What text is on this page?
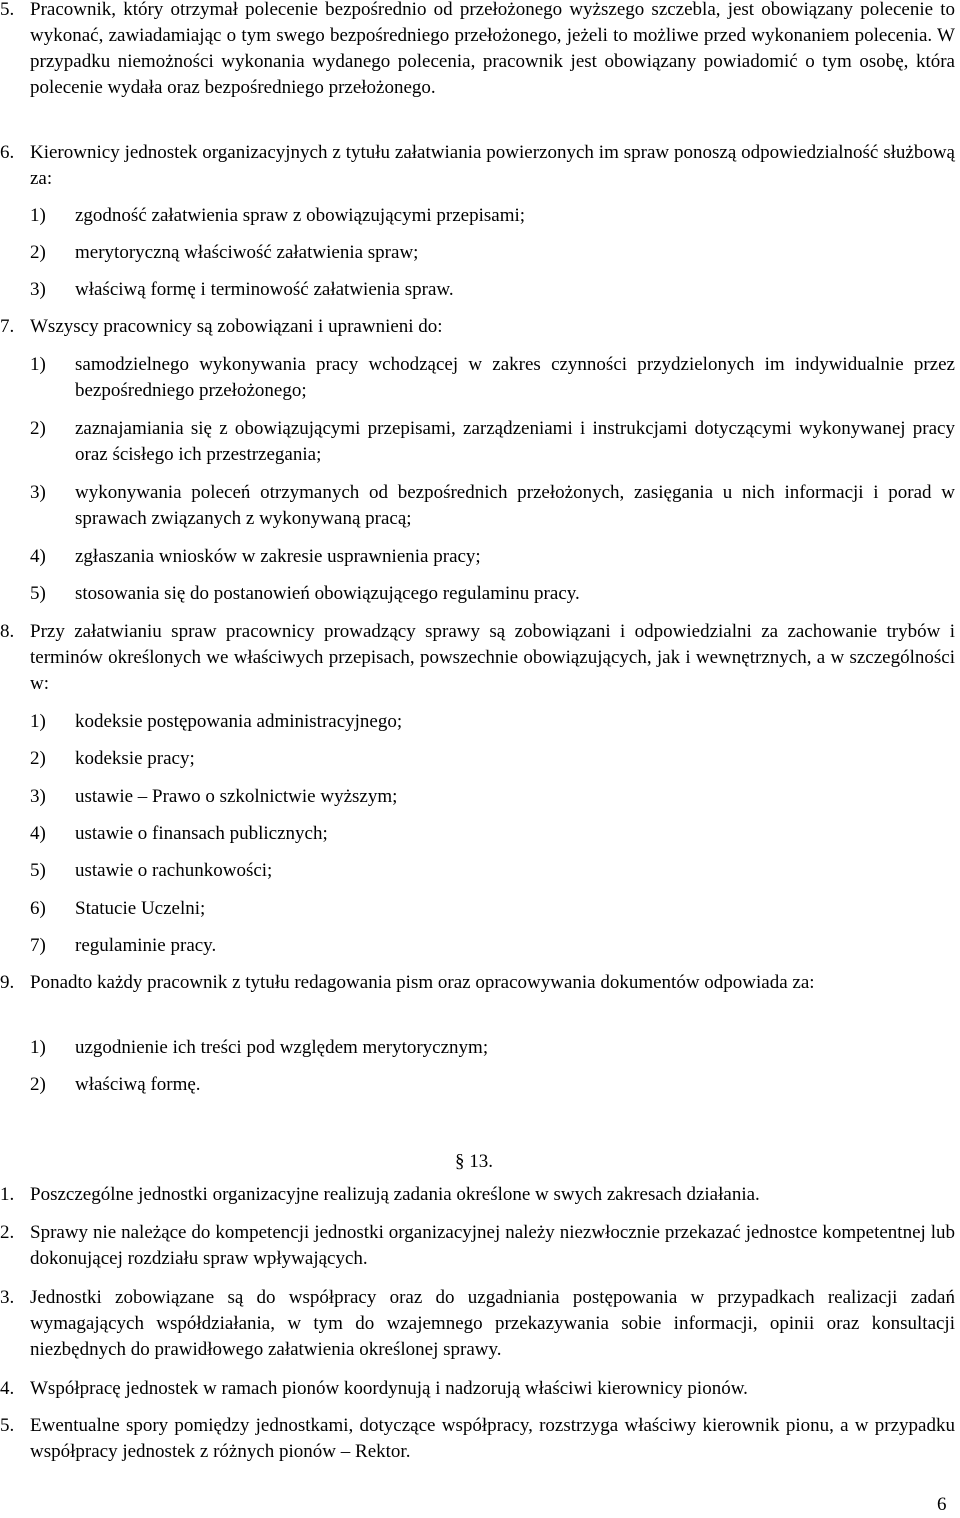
5. Pracownik, który otrzymał polecenie bezpośrednio od przełożonego wyższego szczebla, jest obowiązany polecenie to wykonać, zawiadamiając o tym swego bezpośredniego przełożonego, jeżeli to możliwe przed wykonaniem polecenia. W przypadku niemożności wykonania wydanego polecenia, pracownik jest obowiązany powiadomić o tym osobę, która polecenie wydała oraz bezpośredniego przełożonego.
6. Kierownicy jednostek organizacyjnych z tytułu załatwiania powierzonych im spraw ponoszą odpowiedzialność służbową za:
1) zgodność załatwienia spraw z obowiązującymi przepisami;
2) merytoryczną właściwość załatwienia spraw;
3) właściwą formę i terminowość załatwienia spraw.
7. Wszyscy pracownicy są zobowiązani i uprawnieni do:
1) samodzielnego wykonywania pracy wchodzącej w zakres czynności przydzielonych im indywidualnie przez bezpośredniego przełożonego;
2) zaznajamiania się z obowiązującymi przepisami, zarządzeniami i instrukcjami dotyczącymi wykonywanej pracy oraz ścisłego ich przestrzegania;
3) wykonywania poleceń otrzymanych od bezpośrednich przełożonych, zasięgania u nich informacji i porad w sprawach związanych z wykonywaną pracą;
4) zgłaszania wniosków w zakresie usprawnienia pracy;
5) stosowania się do postanowień obowiązującego regulaminu pracy.
8. Przy załatwianiu spraw pracownicy prowadzący sprawy są zobowiązani i odpowiedzialni za zachowanie trybów i terminów określonych we właściwych przepisach, powszechnie obowiązujących, jak i wewnętrznych, a w szczególności w:
1) kodeksie postępowania administracyjnego;
2) kodeksie pracy;
3) ustawie – Prawo o szkolnictwie wyższym;
4) ustawie o finansach publicznych;
5) ustawie o rachunkowości;
6) Statucie Uczelni;
7) regulaminie pracy.
9. Ponadto każdy pracownik z tytułu redagowania pism oraz opracowywania dokumentów odpowiada za:
1) uzgodnienie ich treści pod względem merytorycznym;
2) właściwą formę.
§ 13.
1. Poszczególne jednostki organizacyjne realizują zadania określone w swych zakresach działania.
2. Sprawy nie należące do kompetencji jednostki organizacyjnej należy niezwłocznie przekazać jednostce kompetentnej lub dokonującej rozdziału spraw wpływających.
3. Jednostki zobowiązane są do współpracy oraz do uzgadniania postępowania w przypadkach realizacji zadań wymagających współdziałania, w tym do wzajemnego przekazywania sobie informacji, opinii oraz konsultacji niezbędnych do prawidłowego załatwienia określonej sprawy.
4. Współpracę jednostek w ramach pionów koordynują i nadzorują właściwi kierownicy pionów.
5. Ewentualne spory pomiędzy jednostkami, dotyczące współpracy, rozstrzyga właściwy kierownik pionu, a w przypadku współpracy jednostek z różnych pionów – Rektor.
6
